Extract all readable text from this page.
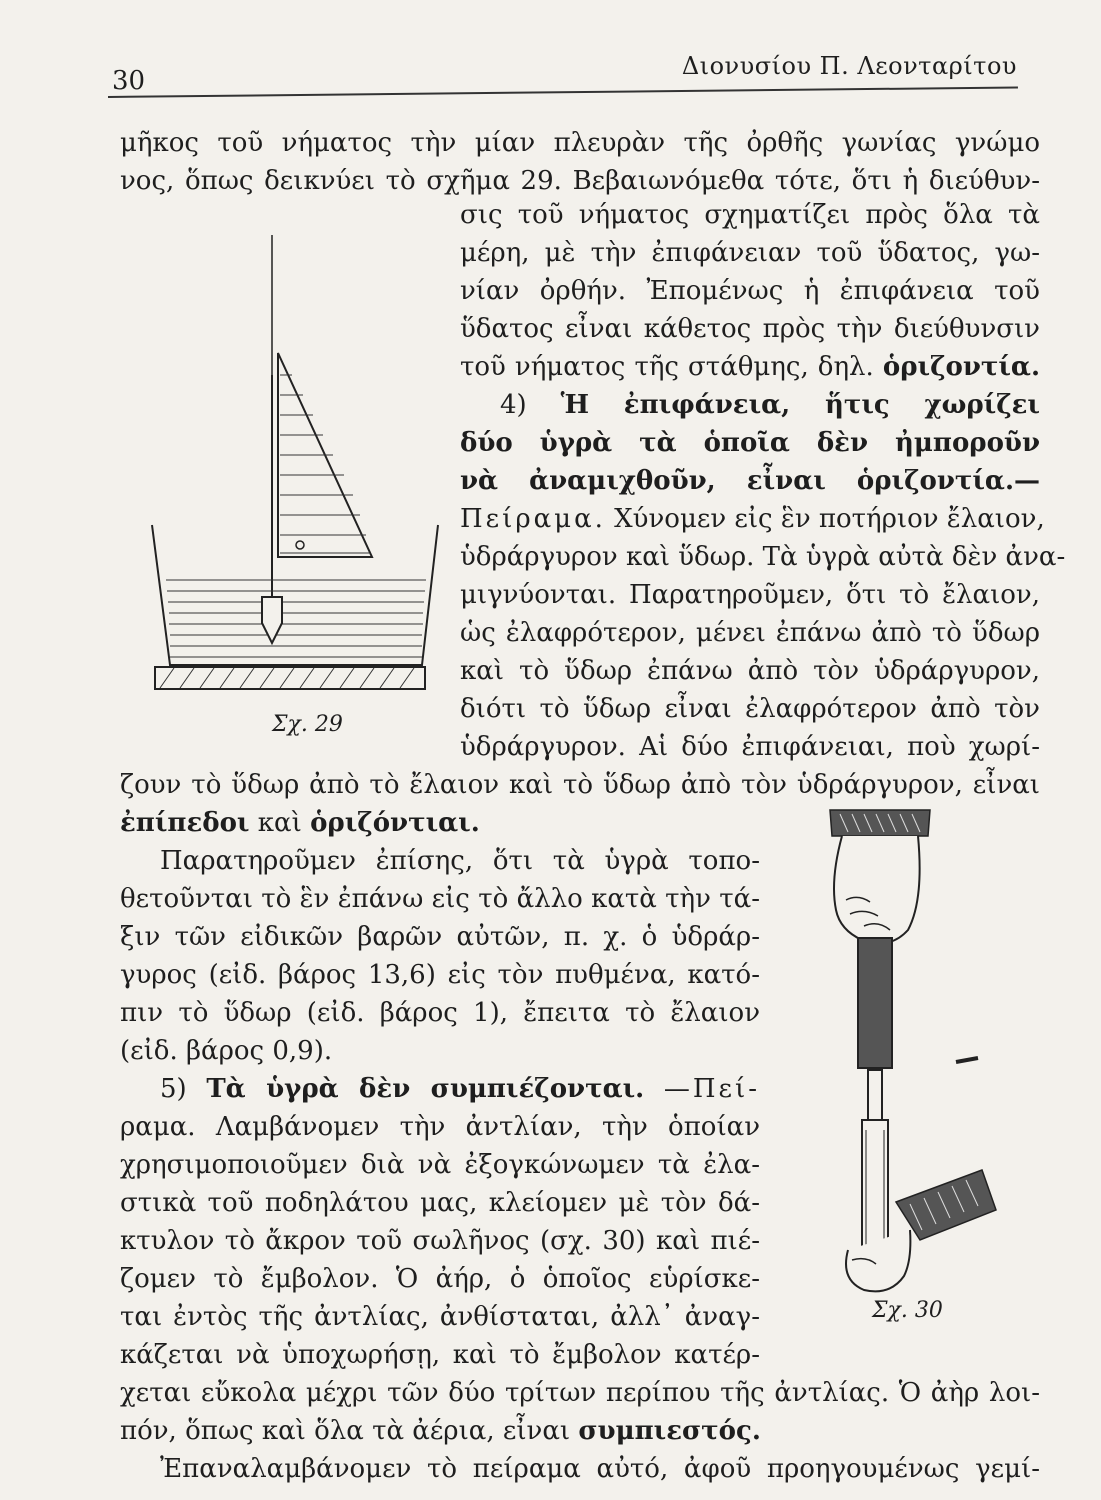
30	Διονυσίου Π. Λεονταρίτου
μῆκος τοῦ νήματος τὴν μίαν πλευρὰν τῆς ὀρθῆς γωνίας γνώμο
νος, ὅπως δεικνύει τὸ σχῆμα 29. Βεβαιωνόμεθα τότε, ὅτι ἡ διεύθυν-
Σχ. 29
σις τοῦ νήματος σχηματίζει πρὸς ὅλα τὰ
μέρη, μὲ τὴν ἐπιφάνειαν τοῦ ὕδατος, γω-
νίαν ὀρθήν. Ἐπομένως ἡ ἐπιφάνεια τοῦ
ὕδατος εἶναι κάθετος πρὸς τὴν διεύθυνσιν
τοῦ νήματος τῆς στάθμης, δηλ. ὁριζοντία.
4) Ἡ ἐπιφάνεια, ἥτις χωρίζει
δύο ὑγρὰ τὰ ὁποῖα δὲν ἠμποροῦν
νὰ ἀναμιχθοῦν, εἶναι ὁριζοντία.—
Πείραμα. Χύνομεν εἰς ἓν ποτήριον ἔλαιον,
ὑδράργυρον καὶ ὕδωρ. Τὰ ὑγρὰ αὐτὰ δὲν ἀνα-
μιγνύονται. Παρατηροῦμεν, ὅτι τὸ ἔλαιον,
ὡς ἐλαφρότερον, μένει ἐπάνω ἀπὸ τὸ ὕδωρ
καὶ τὸ ὕδωρ ἐπάνω ἀπὸ τὸν ὑδράργυρον,
διότι τὸ ὕδωρ εἶναι ἐλαφρότερον ἀπὸ τὸν
ὑδράργυρον. Αἱ δύο ἐπιφάνειαι, ποὺ χωρί-
ζουν τὸ ὕδωρ ἀπὸ τὸ ἔλαιον καὶ τὸ ὕδωρ ἀπὸ τὸν ὑδράργυρον, εἶναι
ἐπίπεδοι καὶ ὁριζόντιαι.
Παρατηροῦμεν ἐπίσης, ὅτι τὰ ὑγρὰ τοπο-
θετοῦνται τὸ ἓν ἐπάνω εἰς τὸ ἄλλο κατὰ τὴν τά-
ξιν τῶν εἰδικῶν βαρῶν αὐτῶν, π. χ. ὁ ὑδράρ-
γυρος (εἰδ. βάρος 13,6) εἰς τὸν πυθμένα, κατό-
πιν τὸ ὕδωρ (εἰδ. βάρος 1), ἔπειτα τὸ ἔλαιον
(εἰδ. βάρος 0,9).
5) Τὰ ὑγρὰ δὲν συμπιέζονται. —Πεί-
ραμα. Λαμβάνομεν τὴν ἀντλίαν, τὴν ὁποίαν
χρησιμοποιοῦμεν διὰ νὰ ἐξογκώνωμεν τὰ ἐλα-
στικὰ τοῦ ποδηλάτου μας, κλείομεν μὲ τὸν δά-
κτυλον τὸ ἄκρον τοῦ σωλῆνος (σχ. 30) καὶ πιέ-
ζομεν τὸ ἔμβολον. Ὁ ἀήρ, ὁ ὁποῖος εὑρίσκε-
ται ἐντὸς τῆς ἀντλίας, ἀνθίσταται, ἀλλ᾽ ἀναγ-
κάζεται νὰ ὑποχωρήσῃ, καὶ τὸ ἔμβολον κατέρ-
Σχ. 30
χεται εὔκολα μέχρι τῶν δύο τρίτων περίπου τῆς ἀντλίας. Ὁ ἀὴρ λοι-
πόν, ὅπως καὶ ὅλα τὰ ἀέρια, εἶναι συμπιεστός.
Ἐπαναλαμβάνομεν τὸ πείραμα αὐτό, ἀφοῦ προηγουμένως γεμί-
